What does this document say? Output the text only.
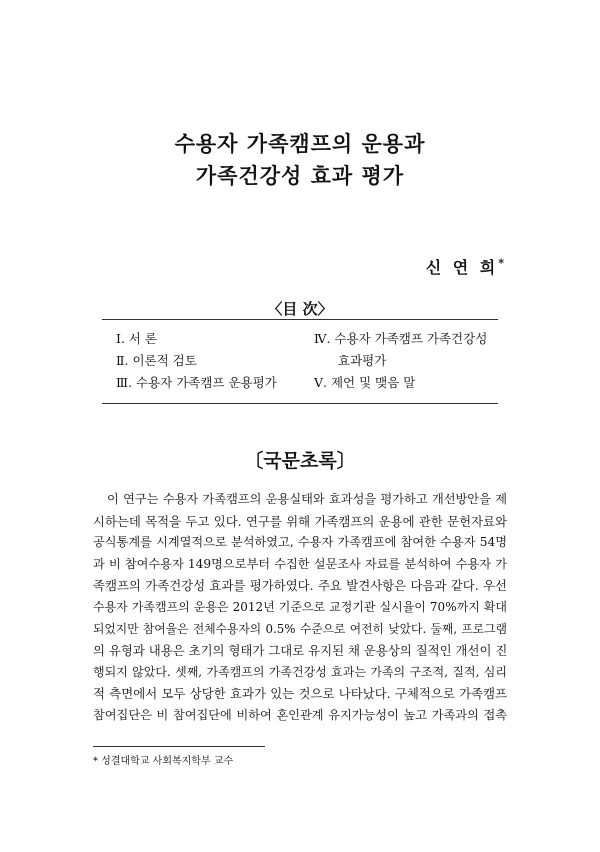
수용자 가족캠프의 운용과
가족건강성 효과 평가
신 연 희*
〈目 次〉
Ⅰ. 서 론
Ⅱ. 이론적 검토
Ⅲ. 수용자 가족캠프 운용평가
Ⅳ. 수용자 가족캠프 가족건강성
효과평가
Ⅴ. 제언 및 맺음 말
〔국문초록〕
이 연구는 수용자 가족캠프의 운용실태와 효과성을 평가하고 개선방안을 제
시하는데 목적을 두고 있다. 연구를 위해 가족캠프의 운용에 관한 문헌자료와
공식통계를 시계열적으로 분석하였고, 수용자 가족캠프에 참여한 수용자 54명
과 비 참여수용자 149명으로부터 수집한 설문조사 자료를 분석하여 수용자 가
족캠프의 가족건강성 효과를 평가하였다. 주요 발견사항은 다음과 같다. 우선
수용자 가족캠프의 운용은 2012년 기준으로 교정기관 실시율이 70%까지 확대
되었지만 참여율은 전체수용자의 0.5% 수준으로 여전히 낮았다. 둘째, 프로그램
의 유형과 내용은 초기의 형태가 그대로 유지된 채 운용상의 질적인 개선이 진
행되지 않았다. 셋째, 가족캠프의 가족건강성 효과는 가족의 구조적, 질적, 심리
적 측면에서 모두 상당한 효과가 있는 것으로 나타났다. 구체적으로 가족캠프
참여집단은 비 참여집단에 비하여 혼인관계 유지가능성이 높고 가족과의 접촉
* 성결대학교 사회복지학부 교수
